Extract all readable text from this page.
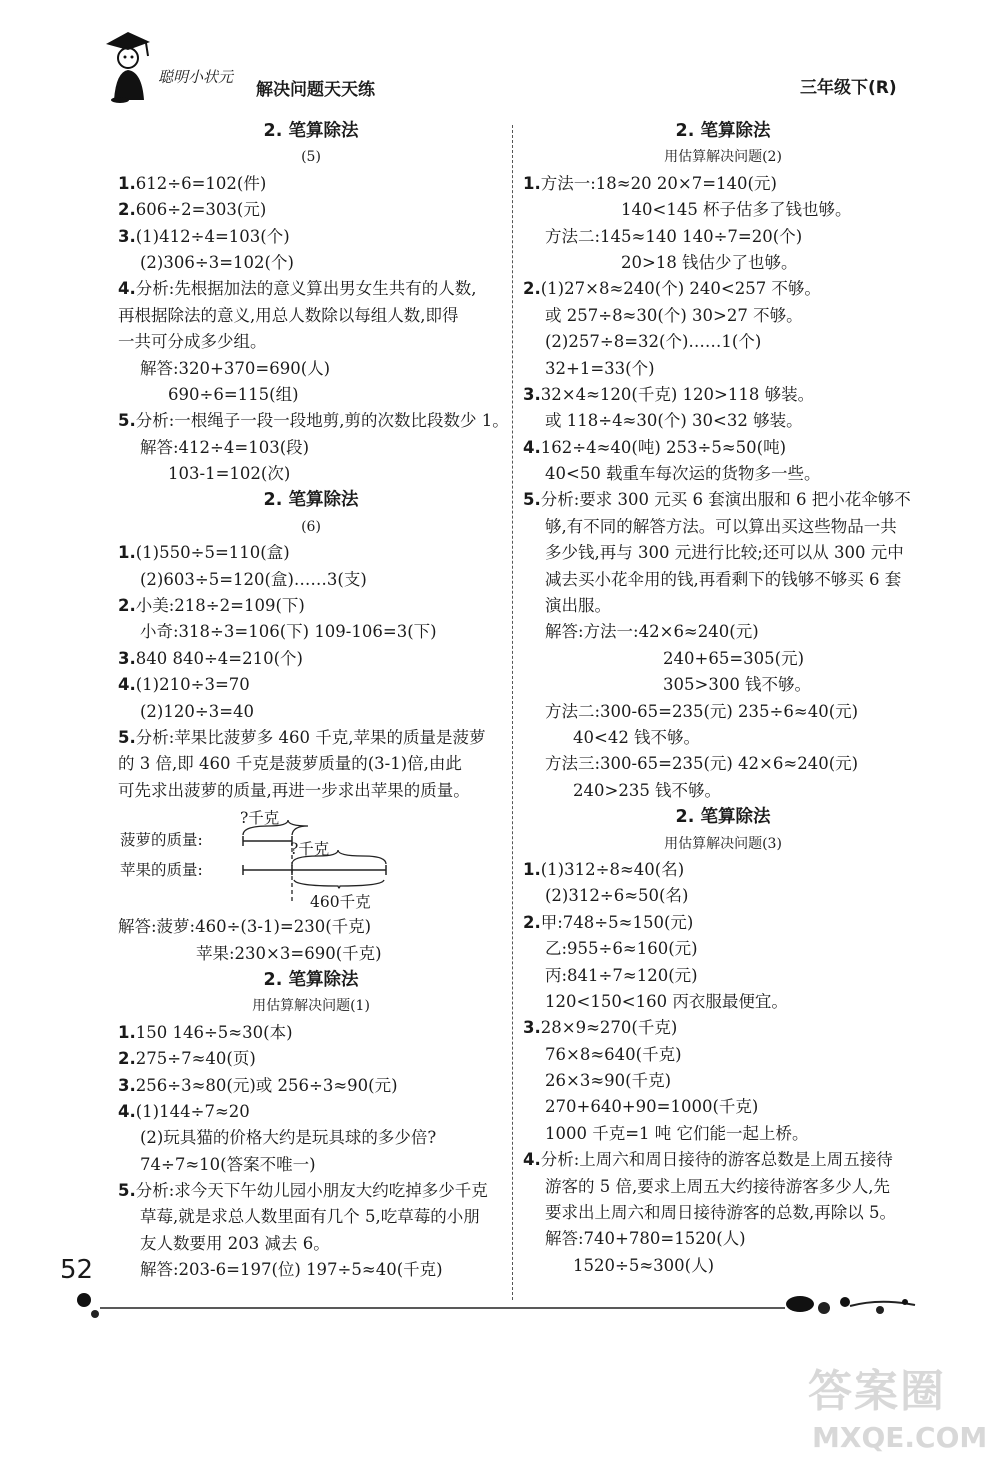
聪明小状元
解决问题天天练	三年级下(R)
2. 笔算除法
(5)
1.612÷6=102(件)
2.606÷2=303(元)
3.(1)412÷4=103(个)
(2)306÷3=102(个)
4.分析:先根据加法的意义算出男女生共有的人数,
再根据除法的意义,用总人数除以每组人数,即得
一共可分成多少组。
解答:320+370=690(人)
690÷6=115(组)
5.分析:一根绳子一段一段地剪,剪的次数比段数少 1。
解答:412÷4=103(段)
103-1=102(次)
2. 笔算除法
(6)
1.(1)550÷5=110(盒)
(2)603÷5=120(盒)……3(支)
2.小美:218÷2=109(下)
小奇:318÷3=106(下) 109-106=3(下)
3.840 840÷4=210(个)
4.(1)210÷3=70
(2)120÷3=40
5.分析:苹果比菠萝多 460 千克,苹果的质量是菠萝
的 3 倍,即 460 千克是菠萝质量的(3-1)倍,由此
可先求出菠萝的质量,再进一步求出苹果的质量。
?千克
菠萝的质量:	?千克
苹果的质量:
460千克
解答:菠萝:460÷(3-1)=230(千克)
苹果:230×3=690(千克)
2. 笔算除法
用估算解决问题(1)
1.150 146÷5≈30(本)
2.275÷7≈40(页)
3.256÷3≈80(元)或 256÷3≈90(元)
4.(1)144÷7≈20
(2)玩具猫的价格大约是玩具球的多少倍?
74÷7≈10(答案不唯一)
5.分析:求今天下午幼儿园小朋友大约吃掉多少千克
草莓,就是求总人数里面有几个 5,吃草莓的小朋
友人数要用 203 减去 6。
解答:203-6=197(位) 197÷5≈40(千克)
2. 笔算除法
用估算解决问题(2)
1.方法一:18≈20 20×7=140(元)
140<145 杯子估多了钱也够。
方法二:145≈140 140÷7=20(个)
20>18 钱估少了也够。
2.(1)27×8≈240(个) 240<257 不够。
或 257÷8≈30(个) 30>27 不够。
(2)257÷8=32(个)……1(个)
32+1=33(个)
3.32×4≈120(千克) 120>118 够装。
或 118÷4≈30(个) 30<32 够装。
4.162÷4≈40(吨) 253÷5≈50(吨)
40<50 载重车每次运的货物多一些。
5.分析:要求 300 元买 6 套演出服和 6 把小花伞够不
够,有不同的解答方法。可以算出买这些物品一共
多少钱,再与 300 元进行比较;还可以从 300 元中
减去买小花伞用的钱,再看剩下的钱够不够买 6 套
演出服。
解答:方法一:42×6≈240(元)
240+65=305(元)
305>300 钱不够。
方法二:300-65=235(元) 235÷6≈40(元)
40<42 钱不够。
方法三:300-65=235(元) 42×6≈240(元)
240>235 钱不够。
2. 笔算除法
用估算解决问题(3)
1.(1)312÷8≈40(名)
(2)312÷6≈50(名)
2.甲:748÷5≈150(元)
乙:955÷6≈160(元)
丙:841÷7≈120(元)
120<150<160 丙衣服最便宜。
3.28×9≈270(千克)
76×8≈640(千克)
26×3≈90(千克)
270+640+90=1000(千克)
1000 千克=1 吨 它们能一起上桥。
4.分析:上周六和周日接待的游客总数是上周五接待
游客的 5 倍,要求上周五大约接待游客多少人,先
要求出上周六和周日接待游客的总数,再除以 5。
解答:740+780=1520(人)
1520÷5≈300(人)
52
答案圈
MXQE.COM
